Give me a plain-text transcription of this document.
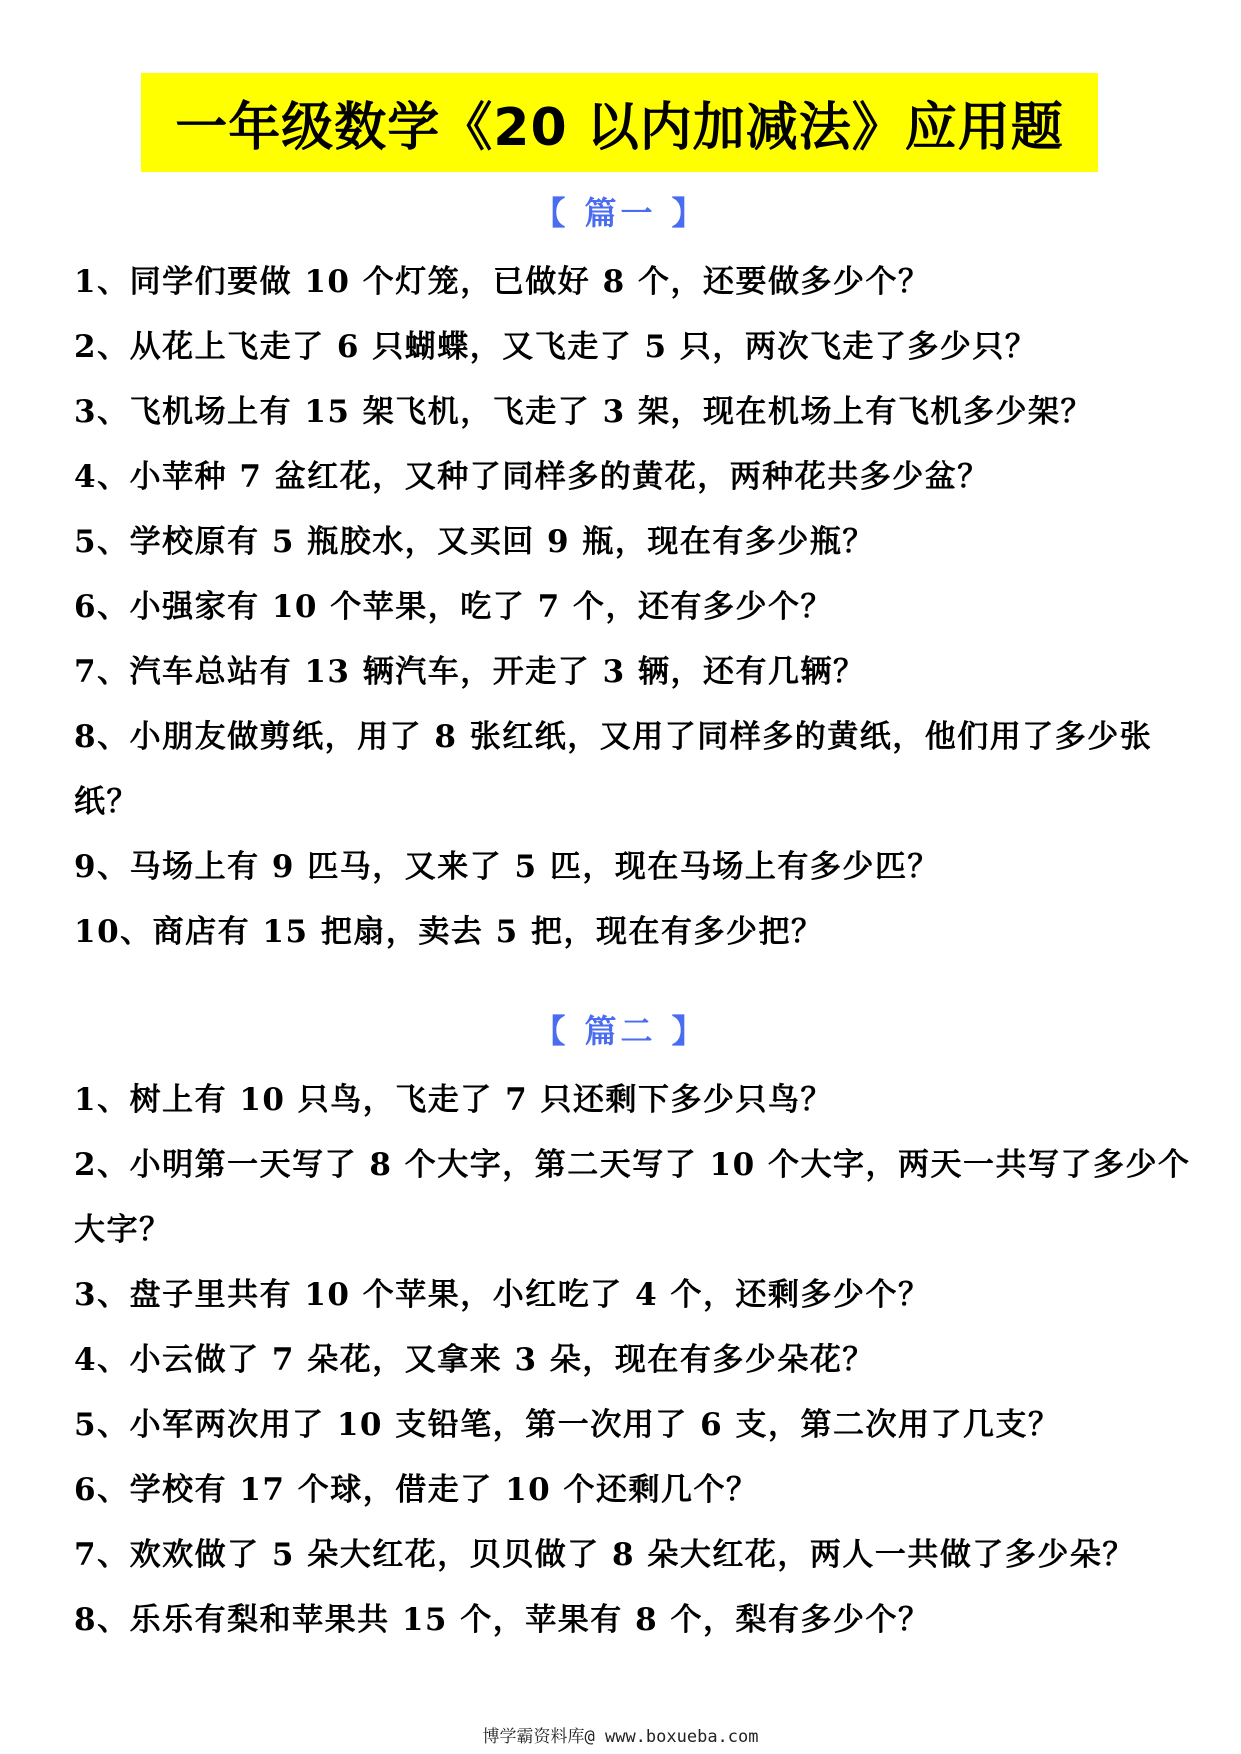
一年级数学《20 以内加减法》应用题
【 篇一 】
1、同学们要做 10 个灯笼，已做好 8 个，还要做多少个？
2、从花上飞走了 6 只蝴蝶，又飞走了 5 只，两次飞走了多少只？
3、飞机场上有 15 架飞机，飞走了 3 架，现在机场上有飞机多少架？
4、小苹种 7 盆红花，又种了同样多的黄花，两种花共多少盆？
5、学校原有 5 瓶胶水，又买回 9 瓶，现在有多少瓶？
6、小强家有 10 个苹果，吃了 7 个，还有多少个？
7、汽车总站有 13 辆汽车，开走了 3 辆，还有几辆？
8、小朋友做剪纸，用了 8 张红纸，又用了同样多的黄纸，他们用了多少张纸？
9、马场上有 9 匹马，又来了 5 匹，现在马场上有多少匹？
10、商店有 15 把扇，卖去 5 把，现在有多少把？
【 篇二 】
1、树上有 10 只鸟，飞走了 7 只还剩下多少只鸟？
2、小明第一天写了 8 个大字，第二天写了 10 个大字，两天一共写了多少个大字？
3、盘子里共有 10 个苹果，小红吃了 4 个，还剩多少个？
4、小云做了 7 朵花，又拿来 3 朵，现在有多少朵花？
5、小军两次用了 10 支铅笔，第一次用了 6 支，第二次用了几支？
6、学校有 17 个球，借走了 10 个还剩几个？
7、欢欢做了 5 朵大红花，贝贝做了 8 朵大红花，两人一共做了多少朵？
8、乐乐有梨和苹果共 15 个，苹果有 8 个，梨有多少个？
博学霸资料库@ www.boxueba.com
